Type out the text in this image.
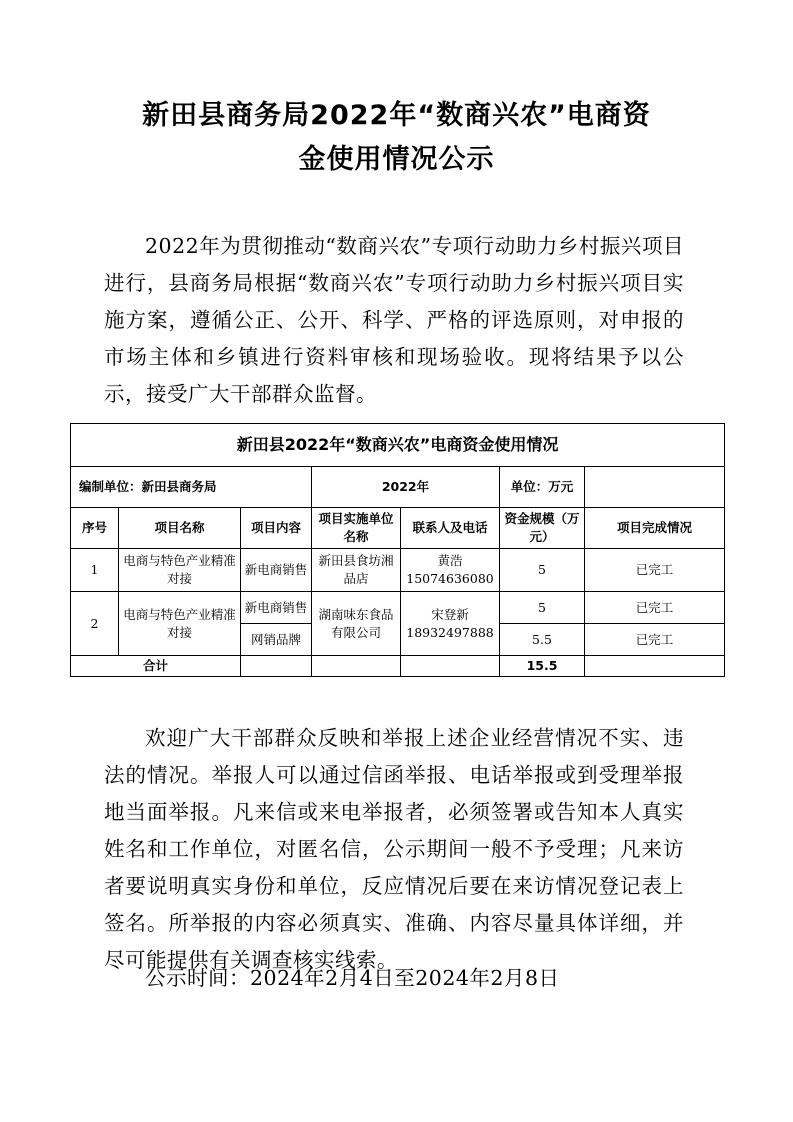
新田县商务局2022年“数商兴农”电商资
金使用情况公示
2022年为贯彻推动“数商兴农”专项行动助力乡村振兴项目进行，县商务局根据“数商兴农”专项行动助力乡村振兴项目实施方案，遵循公正、公开、科学、严格的评选原则，对申报的市场主体和乡镇进行资料审核和现场验收。现将结果予以公示，接受广大干部群众监督。
新田县2022年“数商兴农”电商资金使用情况						
编制单位：新田县商务局			2022年		单位：万元	
序号	项目名称	项目内容	项目实施单位名称	联系人及电话	资金规模（万元）	项目完成情况
1	电商与特色产业精准对接	新电商销售	新田县食坊湘品店	黄浩15074636080	5	已完工
2	电商与特色产业精准对接	新电商销售	湖南味东食品有限公司	宋登新18932497888	5	已完工
		网销品牌			5.5	已完工
合计					15.5	
欢迎广大干部群众反映和举报上述企业经营情况不实、违法的情况。举报人可以通过信函举报、电话举报或到受理举报地当面举报。凡来信或来电举报者，必须签署或告知本人真实姓名和工作单位，对匿名信，公示期间一般不予受理；凡来访者要说明真实身份和单位，反应情况后要在来访情况登记表上签名。所举报的内容必须真实、准确、内容尽量具体详细，并尽可能提供有关调查核实线索。
公示时间：2024年2月4日至2024年2月8日
